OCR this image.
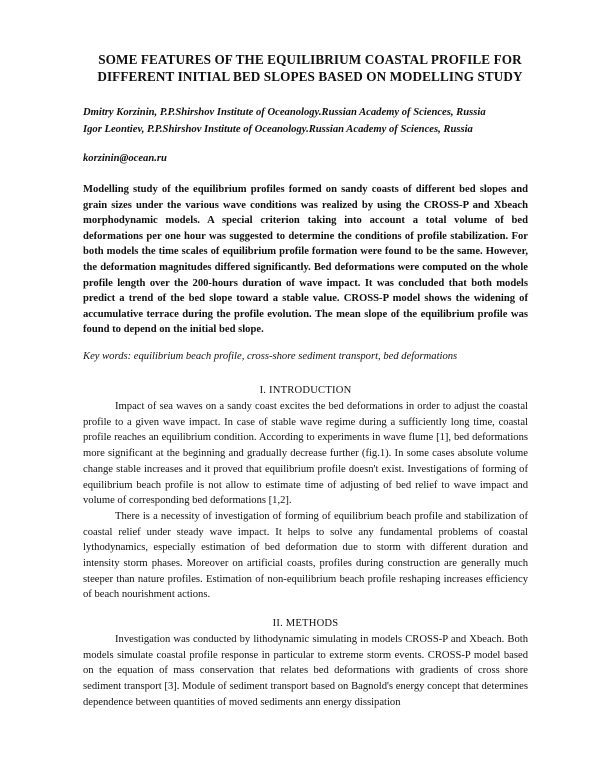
SOME FEATURES OF THE EQUILIBRIUM COASTAL PROFILE FOR
DIFFERENT INITIAL BED SLOPES BASED ON MODELLING STUDY
Dmitry Korzinin, P.P.Shirshov Institute of Oceanology.Russian Academy of Sciences, Russia
Igor Leontiev, P.P.Shirshov Institute of Oceanology.Russian Academy of Sciences, Russia
korzinin@ocean.ru
Modelling study of the equilibrium profiles formed on sandy coasts of different bed slopes and grain sizes under the various wave conditions was realized by using the CROSS-P and Xbeach morphodynamic models. A special criterion taking into account a total volume of bed deformations per one hour was suggested to determine the conditions of profile stabilization. For both models the time scales of equilibrium profile formation were found to be the same. However, the deformation magnitudes differed significantly. Bed deformations were computed on the whole profile length over the 200-hours duration of wave impact. It was concluded that both models predict a trend of the bed slope toward a stable value. CROSS-P model shows the widening of accumulative terrace during the profile evolution. The mean slope of the equilibrium profile was found to depend on the initial bed slope.
Key words: equilibrium beach profile, cross-shore sediment transport, bed deformations
I. INTRODUCTION

Impact of sea waves on a sandy coast excites the bed deformations in order to adjust the coastal profile to a given wave impact. In case of stable wave regime during a sufficiently long time, coastal profile reaches an equilibrium condition. According to experiments in wave flume [1], bed deformations more significant at the beginning and gradually decrease further (fig.1). In some cases absolute volume change stable increases and it proved that equilibrium profile doesn't exist. Investigations of forming of equilibrium beach profile is not allow to estimate time of adjusting of bed relief to wave impact and volume of corresponding bed deformations [1,2].

There is a necessity of investigation of forming of equilibrium beach profile and stabilization of coastal relief under steady wave impact. It helps to solve any fundamental problems of coastal lythodynamics, especially estimation of bed deformation due to storm with different duration and intensity storm phases. Moreover on artificial coasts, profiles during construction are generally much steeper than nature profiles. Estimation of non-equilibrium beach profile reshaping increases efficiency of beach nourishment actions.

II. METHODS

Investigation was conducted by lithodynamic simulating in models CROSS-P and Xbeach. Both models simulate coastal profile response in particular to extreme storm events. CROSS-P model based on the equation of mass conservation that relates bed deformations with gradients of cross shore sediment transport [3]. Module of sediment transport based on Bagnold's energy concept that determines dependence between quantities of moved sediments ann energy dissipation
